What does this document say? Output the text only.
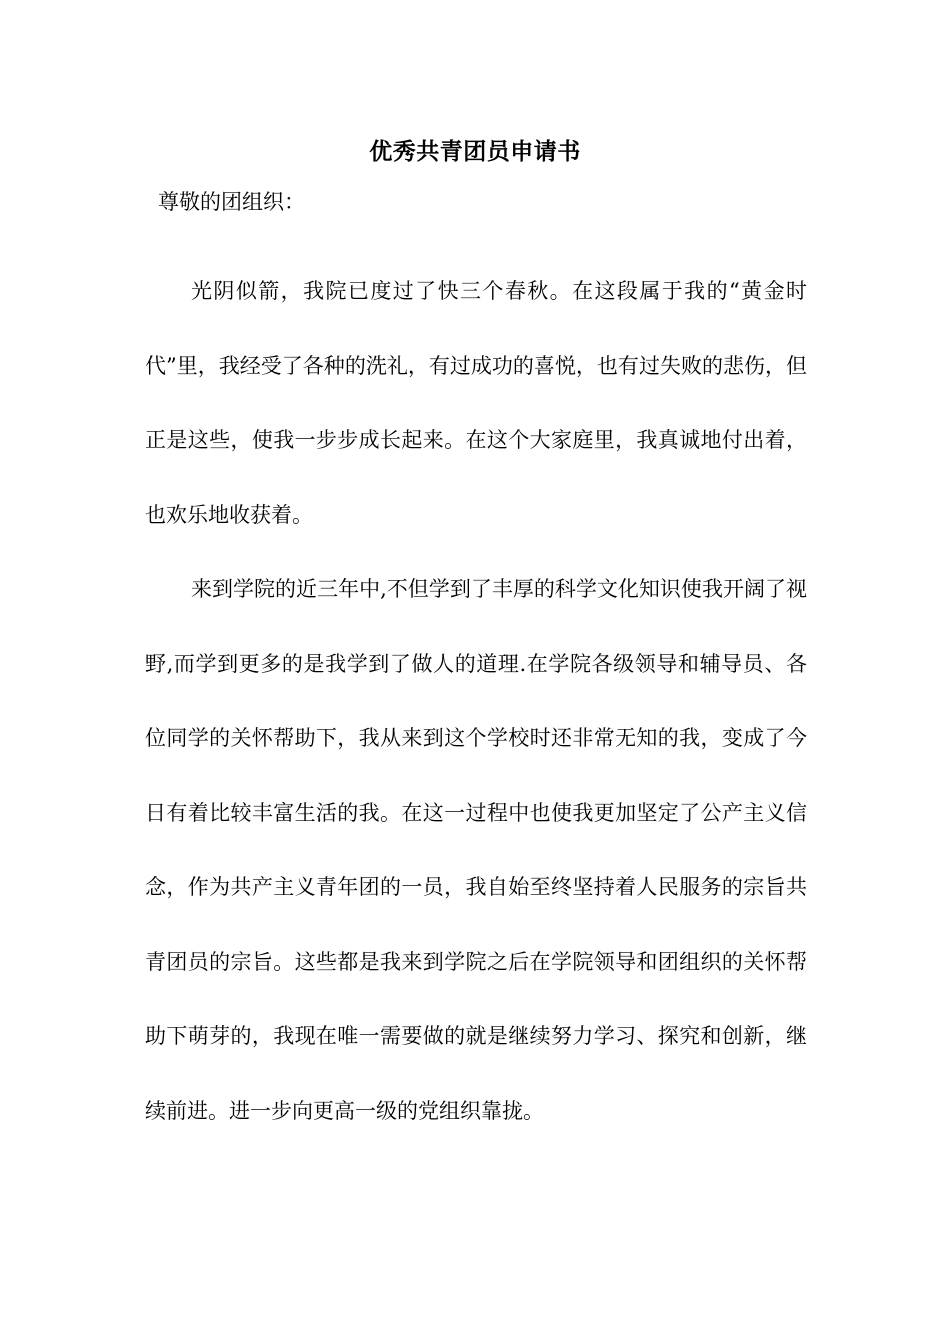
优秀共青团员申请书
尊敬的团组织：

光阴似箭，我院已度过了快三个春秋。在这段属于我的“黄金时代”里，我经受了各种的洗礼，有过成功的喜悦，也有过失败的悲伤，但正是这些，使我一步步成长起来。在这个大家庭里，我真诚地付出着，也欢乐地收获着。

来到学院的近三年中,不但学到了丰厚的科学文化知识使我开阔了视野,而学到更多的是我学到了做人的道理.在学院各级领导和辅导员、各位同学的关怀帮助下，我从来到这个学校时还非常无知的我，变成了今日有着比较丰富生活的我。在这一过程中也使我更加坚定了公产主义信念，作为共产主义青年团的一员，我自始至终坚持着人民服务的宗旨共青团员的宗旨。这些都是我来到学院之后在学院领导和团组织的关怀帮助下萌芽的，我现在唯一需要做的就是继续努力学习、探究和创新，继续前进。进一步向更高一级的党组织靠拢。
